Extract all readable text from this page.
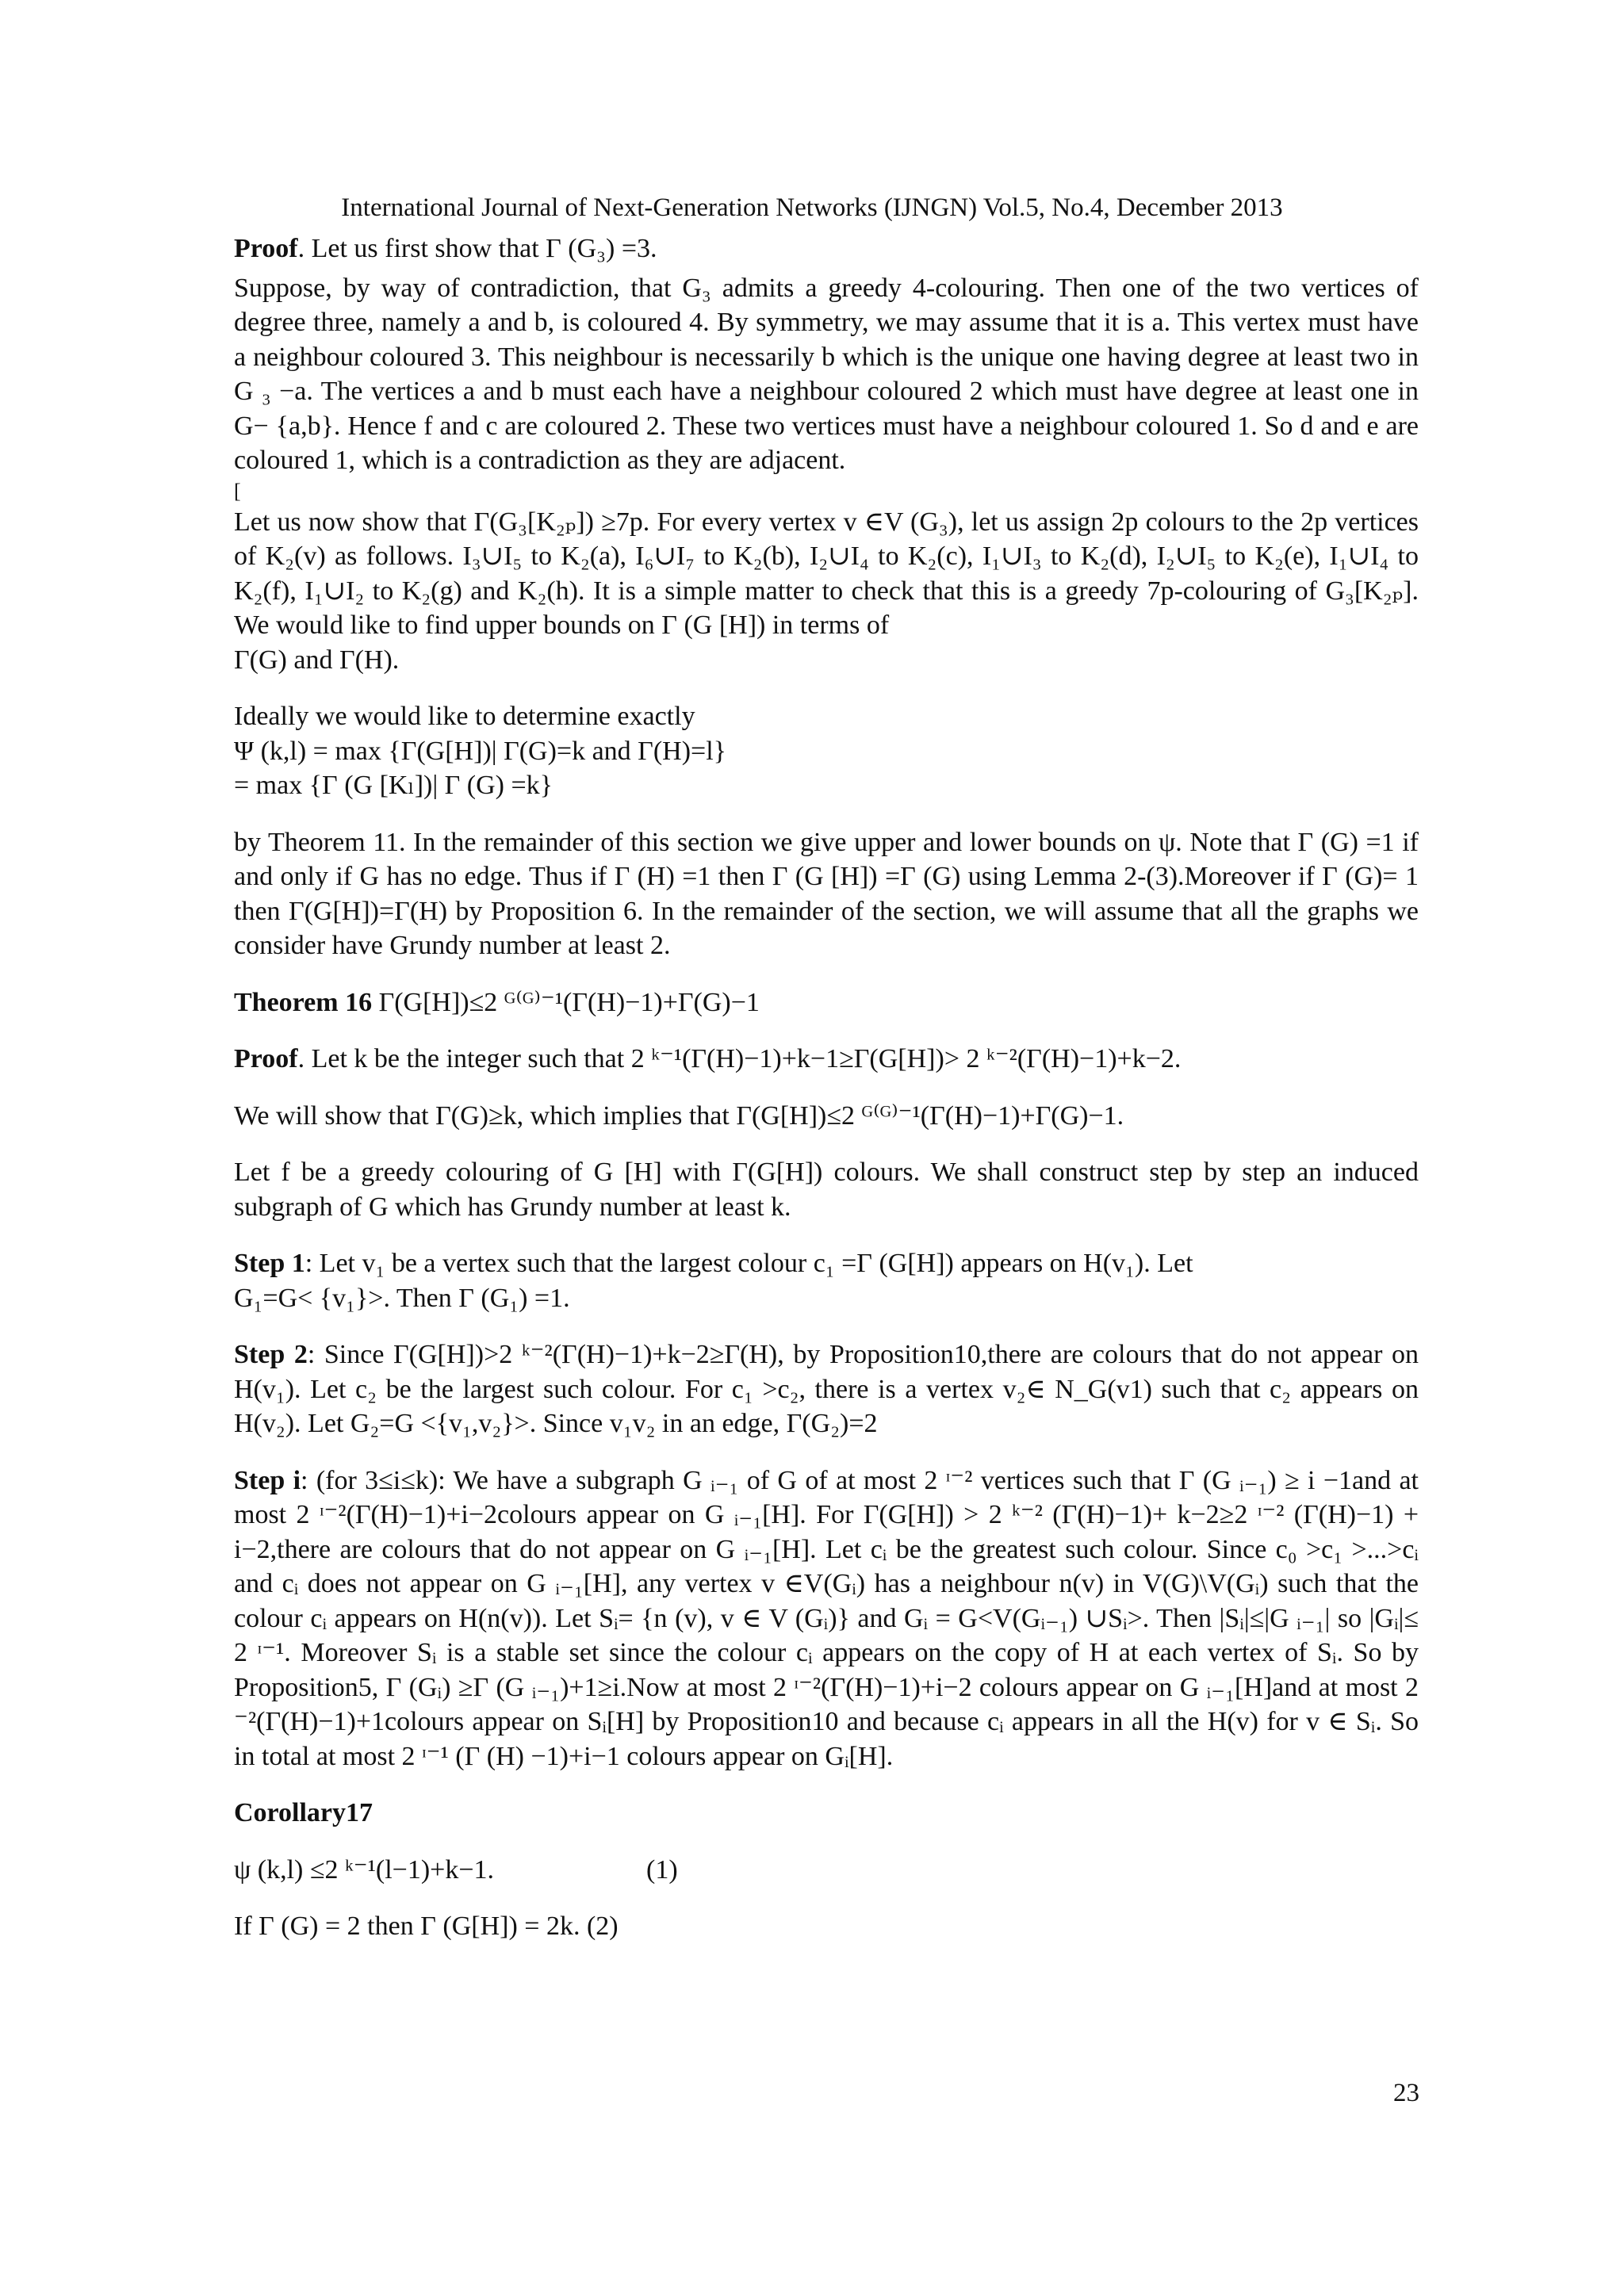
International Journal of Next-Generation Networks (IJNGN) Vol.5, No.4, December 2013

Proof. Let us first show that Γ (G₃) =3.

Suppose, by way of contradiction, that G₃ admits a greedy 4-colouring. Then one of the two vertices of degree three, namely a and b, is coloured 4. By symmetry, we may assume that it is a. This vertex must have a neighbour coloured 3. This neighbour is necessarily b which is the unique one having degree at least two in G ₃ −a. The vertices a and b must each have a neighbour coloured 2 which must have degree at least one in G− {a,b}. Hence f and c are coloured 2. These two vertices must have a neighbour coloured 1. So d and e are coloured 1, which is a contradiction as they are adjacent.

[

Let us now show that Γ(G₃[K₂ₚ]) ≥7p. For every vertex v ∈V (G₃), let us assign 2p colours to the 2p vertices of K₂(v) as follows. I₃∪I₅ to K₂(a), I₆∪I₇ to K₂(b), I₂∪I₄ to K₂(c), I₁∪I₃ to K₂(d), I₂∪I₅ to K₂(e), I₁∪I₄ to K₂(f), I₁∪I₂ to K₂(g) and K₂(h). It is a simple matter to check that this is a greedy 7p-colouring of G₃[K₂ₚ]. We would like to find upper bounds on Γ (G [H]) in terms of

Γ(G) and Γ(H).

Ideally we would like to determine exactly
Ψ (k,l) = max {Γ(G[H])| Γ(G)=k and Γ(H)=l}
= max {Γ (G [Kₗ])| Γ (G) =k}

by Theorem 11. In the remainder of this section we give upper and lower bounds on ψ. Note that Γ (G) =1 if and only if G has no edge. Thus if Γ (H) =1 then Γ (G [H]) =Γ (G) using Lemma 2-(3).Moreover if Γ (G)= 1 then Γ(G[H])=Γ(H) by Proposition 6. In the remainder of the section, we will assume that all the graphs we consider have Grundy number at least 2.

Theorem 16 Γ(G[H])≤2 ᴳ⁽ᴳ⁾⁻¹(Γ(H)−1)+Γ(G)−1

Proof. Let k be the integer such that 2 ᵏ⁻¹(Γ(H)−1)+k−1≥Γ(G[H])> 2 ᵏ⁻²(Γ(H)−1)+k−2.

We will show that Γ(G)≥k, which implies that Γ(G[H])≤2 ᴳ⁽ᴳ⁾⁻¹(Γ(H)−1)+Γ(G)−1.

Let f be a greedy colouring of G [H] with Γ(G[H]) colours. We shall construct step by step an induced subgraph of G which has Grundy number at least k.

Step 1: Let v₁ be a vertex such that the largest colour c₁ =Γ (G[H]) appears on H(v₁). Let
G₁=G< {v₁}>. Then Γ (G₁) =1.

Step 2: Since Γ(G[H])>2 ᵏ⁻²(Γ(H)−1)+k−2≥Γ(H), by Proposition10,there are colours that do not appear on H(v₁). Let c₂ be the largest such colour. For c₁ >c₂, there is a vertex v₂∈ N_G(v1) such that c₂ appears on H(v₂). Let G₂=G <{v₁,v₂}>. Since v₁v₂ in an edge, Γ(G₂)=2

Step i: (for 3≤i≤k): We have a subgraph G ᵢ₋₁ of G of at most 2 ᶦ⁻² vertices such that Γ (G ᵢ₋₁) ≥ i −1and at most 2 ᶦ⁻²(Γ(H)−1)+i−2colours appear on G ᵢ₋₁[H]. For Γ(G[H]) > 2 ᵏ⁻² (Γ(H)−1)+ k−2≥2 ᶦ⁻² (Γ(H)−1) + i−2,there are colours that do not appear on G ᵢ₋₁[H]. Let cᵢ be the greatest such colour. Since c₀ >c₁ >...>cᵢ and cᵢ does not appear on G ᵢ₋₁[H], any vertex v ∈V(Gᵢ) has a neighbour n(v) in V(G)\V(Gᵢ) such that the colour cᵢ appears on H(n(v)). Let Sᵢ= {n (v), v ∈ V (Gᵢ)} and Gᵢ = G<V(Gᵢ₋₁) ∪Sᵢ>. Then |Sᵢ|≤|G ᵢ₋₁| so |Gᵢ|≤ 2 ᶦ⁻¹. Moreover Sᵢ is a stable set since the colour cᵢ appears on the copy of H at each vertex of Sᵢ. So by Proposition5, Γ (Gᵢ) ≥Γ (G ᵢ₋₁)+1≥i.Now at most 2 ᶦ⁻²(Γ(H)−1)+i−2 colours appear on G ᵢ₋₁[H]and at most 2 ⁻²(Γ(H)−1)+1colours appear on Sᵢ[H] by Proposition10 and because cᵢ appears in all the H(v) for v ∈ Sᵢ. So in total at most 2 ᶦ⁻¹ (Γ (H) −1)+i−1 colours appear on Gᵢ[H].

Corollary17

ψ (k,l) ≤2 ᵏ⁻¹(l−1)+k−1.	(1)

If Γ (G) = 2 then Γ (G[H]) = 2k. (2)

23
